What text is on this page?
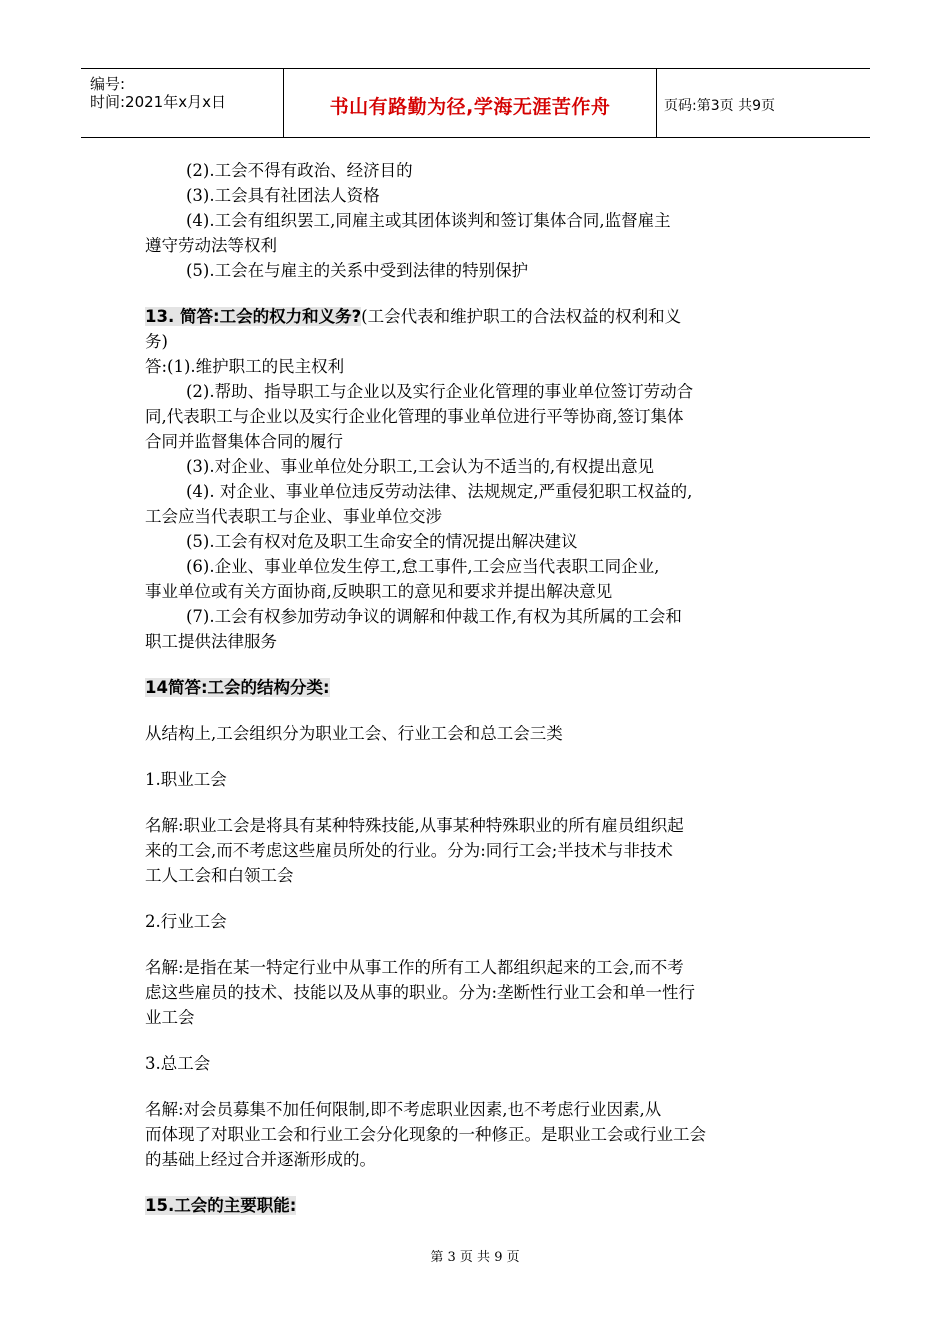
编号:
时间:2021年x月x日	书山有路勤为径,学海无涯苦作舟	页码:第3页 共9页
(2).工会不得有政治、经济目的
(3).工会具有社团法人资格
(4).工会有组织罢工,同雇主或其团体谈判和签订集体合同,监督雇主
遵守劳动法等权利
(5).工会在与雇主的关系中受到法律的特别保护
13. 简答:工会的权力和义务?(工会代表和维护职工的合法权益的权利和义
务)
答:(1).维护职工的民主权利
(2).帮助、指导职工与企业以及实行企业化管理的事业单位签订劳动合
同,代表职工与企业以及实行企业化管理的事业单位进行平等协商,签订集体
合同并监督集体合同的履行
(3).对企业、事业单位处分职工,工会认为不适当的,有权提出意见
(4). 对企业、事业单位违反劳动法律、法规规定,严重侵犯职工权益的,
工会应当代表职工与企业、事业单位交涉
(5).工会有权对危及职工生命安全的情况提出解决建议
(6).企业、事业单位发生停工,怠工事件,工会应当代表职工同企业,
事业单位或有关方面协商,反映职工的意见和要求并提出解决意见
(7).工会有权参加劳动争议的调解和仲裁工作,有权为其所属的工会和
职工提供法律服务
14简答:工会的结构分类:
从结构上,工会组织分为职业工会、行业工会和总工会三类
1.职业工会
名解:职业工会是将具有某种特殊技能,从事某种特殊职业的所有雇员组织起
来的工会,而不考虑这些雇员所处的行业。分为:同行工会;半技术与非技术
工人工会和白领工会
2.行业工会
名解:是指在某一特定行业中从事工作的所有工人都组织起来的工会,而不考
虑这些雇员的技术、技能以及从事的职业。分为:垄断性行业工会和单一性行
业工会
3.总工会
名解:对会员募集不加任何限制,即不考虑职业因素,也不考虑行业因素,从
而体现了对职业工会和行业工会分化现象的一种修正。是职业工会或行业工会
的基础上经过合并逐渐形成的。
15.工会的主要职能:
第 3 页 共 9 页
